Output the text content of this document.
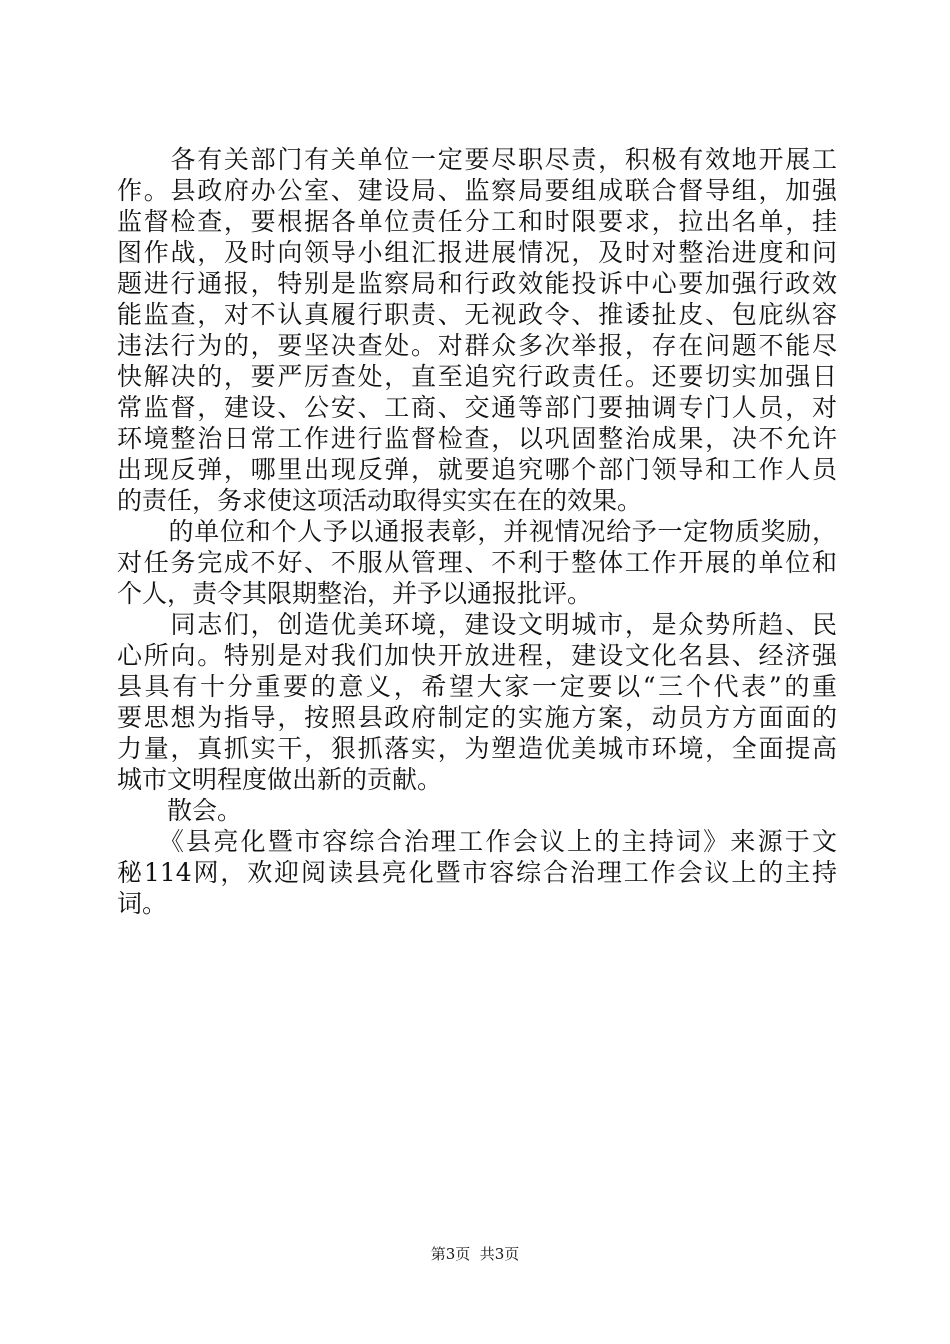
　　各有关部门有关单位一定要尽职尽责，积极有效地开展工
作。县政府办公室、建设局、监察局要组成联合督导组，加强
监督检查，要根据各单位责任分工和时限要求，拉出名单，挂
图作战，及时向领导小组汇报进展情况，及时对整治进度和问
题进行通报，特别是监察局和行政效能投诉中心要加强行政效
能监查，对不认真履行职责、无视政令、推诿扯皮、包庇纵容
违法行为的，要坚决查处。对群众多次举报，存在问题不能尽
快解决的，要严厉查处，直至追究行政责任。还要切实加强日
常监督，建设、公安、工商、交通等部门要抽调专门人员，对
环境整治日常工作进行监督检查，以巩固整治成果，决不允许
出现反弹，哪里出现反弹，就要追究哪个部门领导和工作人员
的责任，务求使这项活动取得实实在在的效果。
　　的单位和个人予以通报表彰，并视情况给予一定物质奖励，
对任务完成不好、不服从管理、不利于整体工作开展的单位和
个人，责令其限期整治，并予以通报批评。
　　同志们，创造优美环境，建设文明城市，是众势所趋、民
心所向。特别是对我们加快开放进程，建设文化名县、经济强
县具有十分重要的意义，希望大家一定要以“三个代表”的重
要思想为指导，按照县政府制定的实施方案，动员方方面面的
力量，真抓实干，狠抓落实，为塑造优美城市环境，全面提高
城市文明程度做出新的贡献。
　　散会。
　　《县亮化暨市容综合治理工作会议上的主持词》来源于文
秘114网，欢迎阅读县亮化暨市容综合治理工作会议上的主持
词。
第3页  共3页
